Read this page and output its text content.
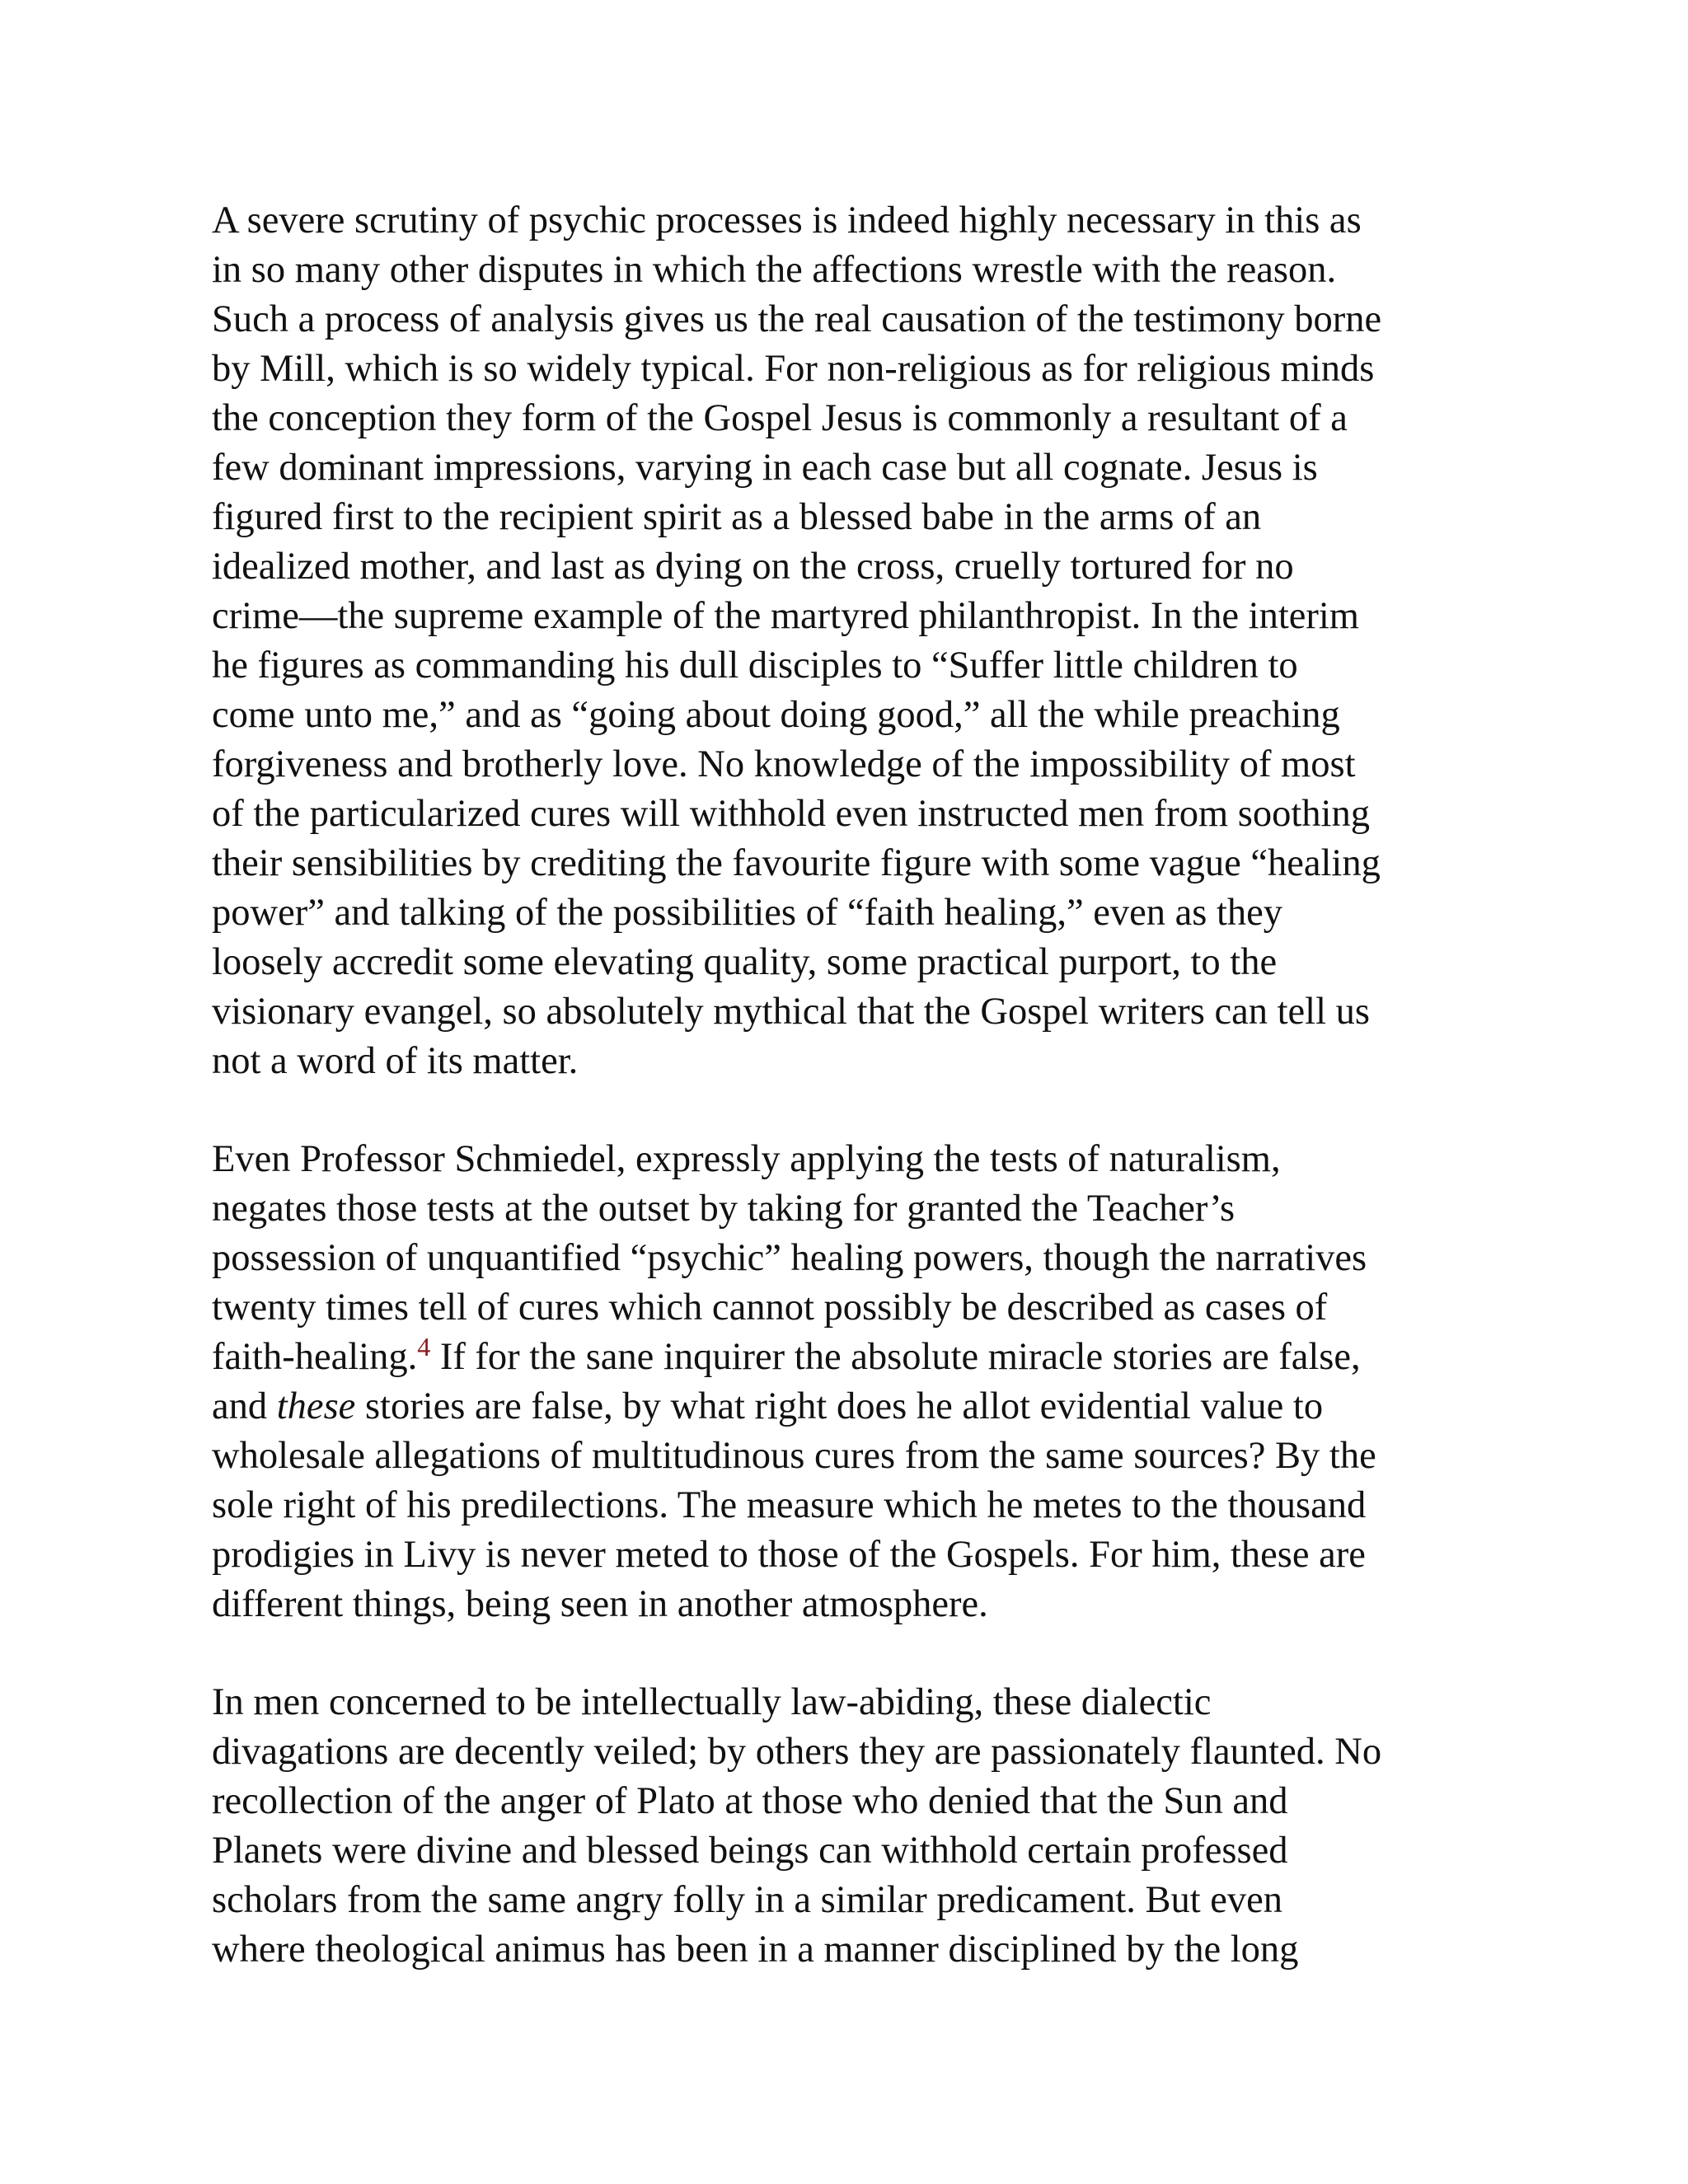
A severe scrutiny of psychic processes is indeed highly necessary in this as
in so many other disputes in which the affections wrestle with the reason.
Such a process of analysis gives us the real causation of the testimony borne
by Mill, which is so widely typical. For non-religious as for religious minds
the conception they form of the Gospel Jesus is commonly a resultant of a
few dominant impressions, varying in each case but all cognate. Jesus is
figured first to the recipient spirit as a blessed babe in the arms of an
idealized mother, and last as dying on the cross, cruelly tortured for no
crime—the supreme example of the martyred philanthropist. In the interim
he figures as commanding his dull disciples to “Suffer little children to
come unto me,” and as “going about doing good,” all the while preaching
forgiveness and brotherly love. No knowledge of the impossibility of most
of the particularized cures will withhold even instructed men from soothing
their sensibilities by crediting the favourite figure with some vague “healing
power” and talking of the possibilities of “faith healing,” even as they
loosely accredit some elevating quality, some practical purport, to the
visionary evangel, so absolutely mythical that the Gospel writers can tell us
not a word of its matter.

Even Professor Schmiedel, expressly applying the tests of naturalism,
negates those tests at the outset by taking for granted the Teacher’s
possession of unquantified “psychic” healing powers, though the narratives
twenty times tell of cures which cannot possibly be described as cases of
faith-healing.$^4$ If for the sane inquirer the absolute miracle stories are false,
and these stories are false, by what right does he allot evidential value to
wholesale allegations of multitudinous cures from the same sources? By the
sole right of his predilections. The measure which he metes to the thousand
prodigies in Livy is never meted to those of the Gospels. For him, these are
different things, being seen in another atmosphere.

In men concerned to be intellectually law-abiding, these dialectic
divagations are decently veiled; by others they are passionately flaunted. No
recollection of the anger of Plato at those who denied that the Sun and
Planets were divine and blessed beings can withhold certain professed
scholars from the same angry folly in a similar predicament. But even
where theological animus has been in a manner disciplined by the long
